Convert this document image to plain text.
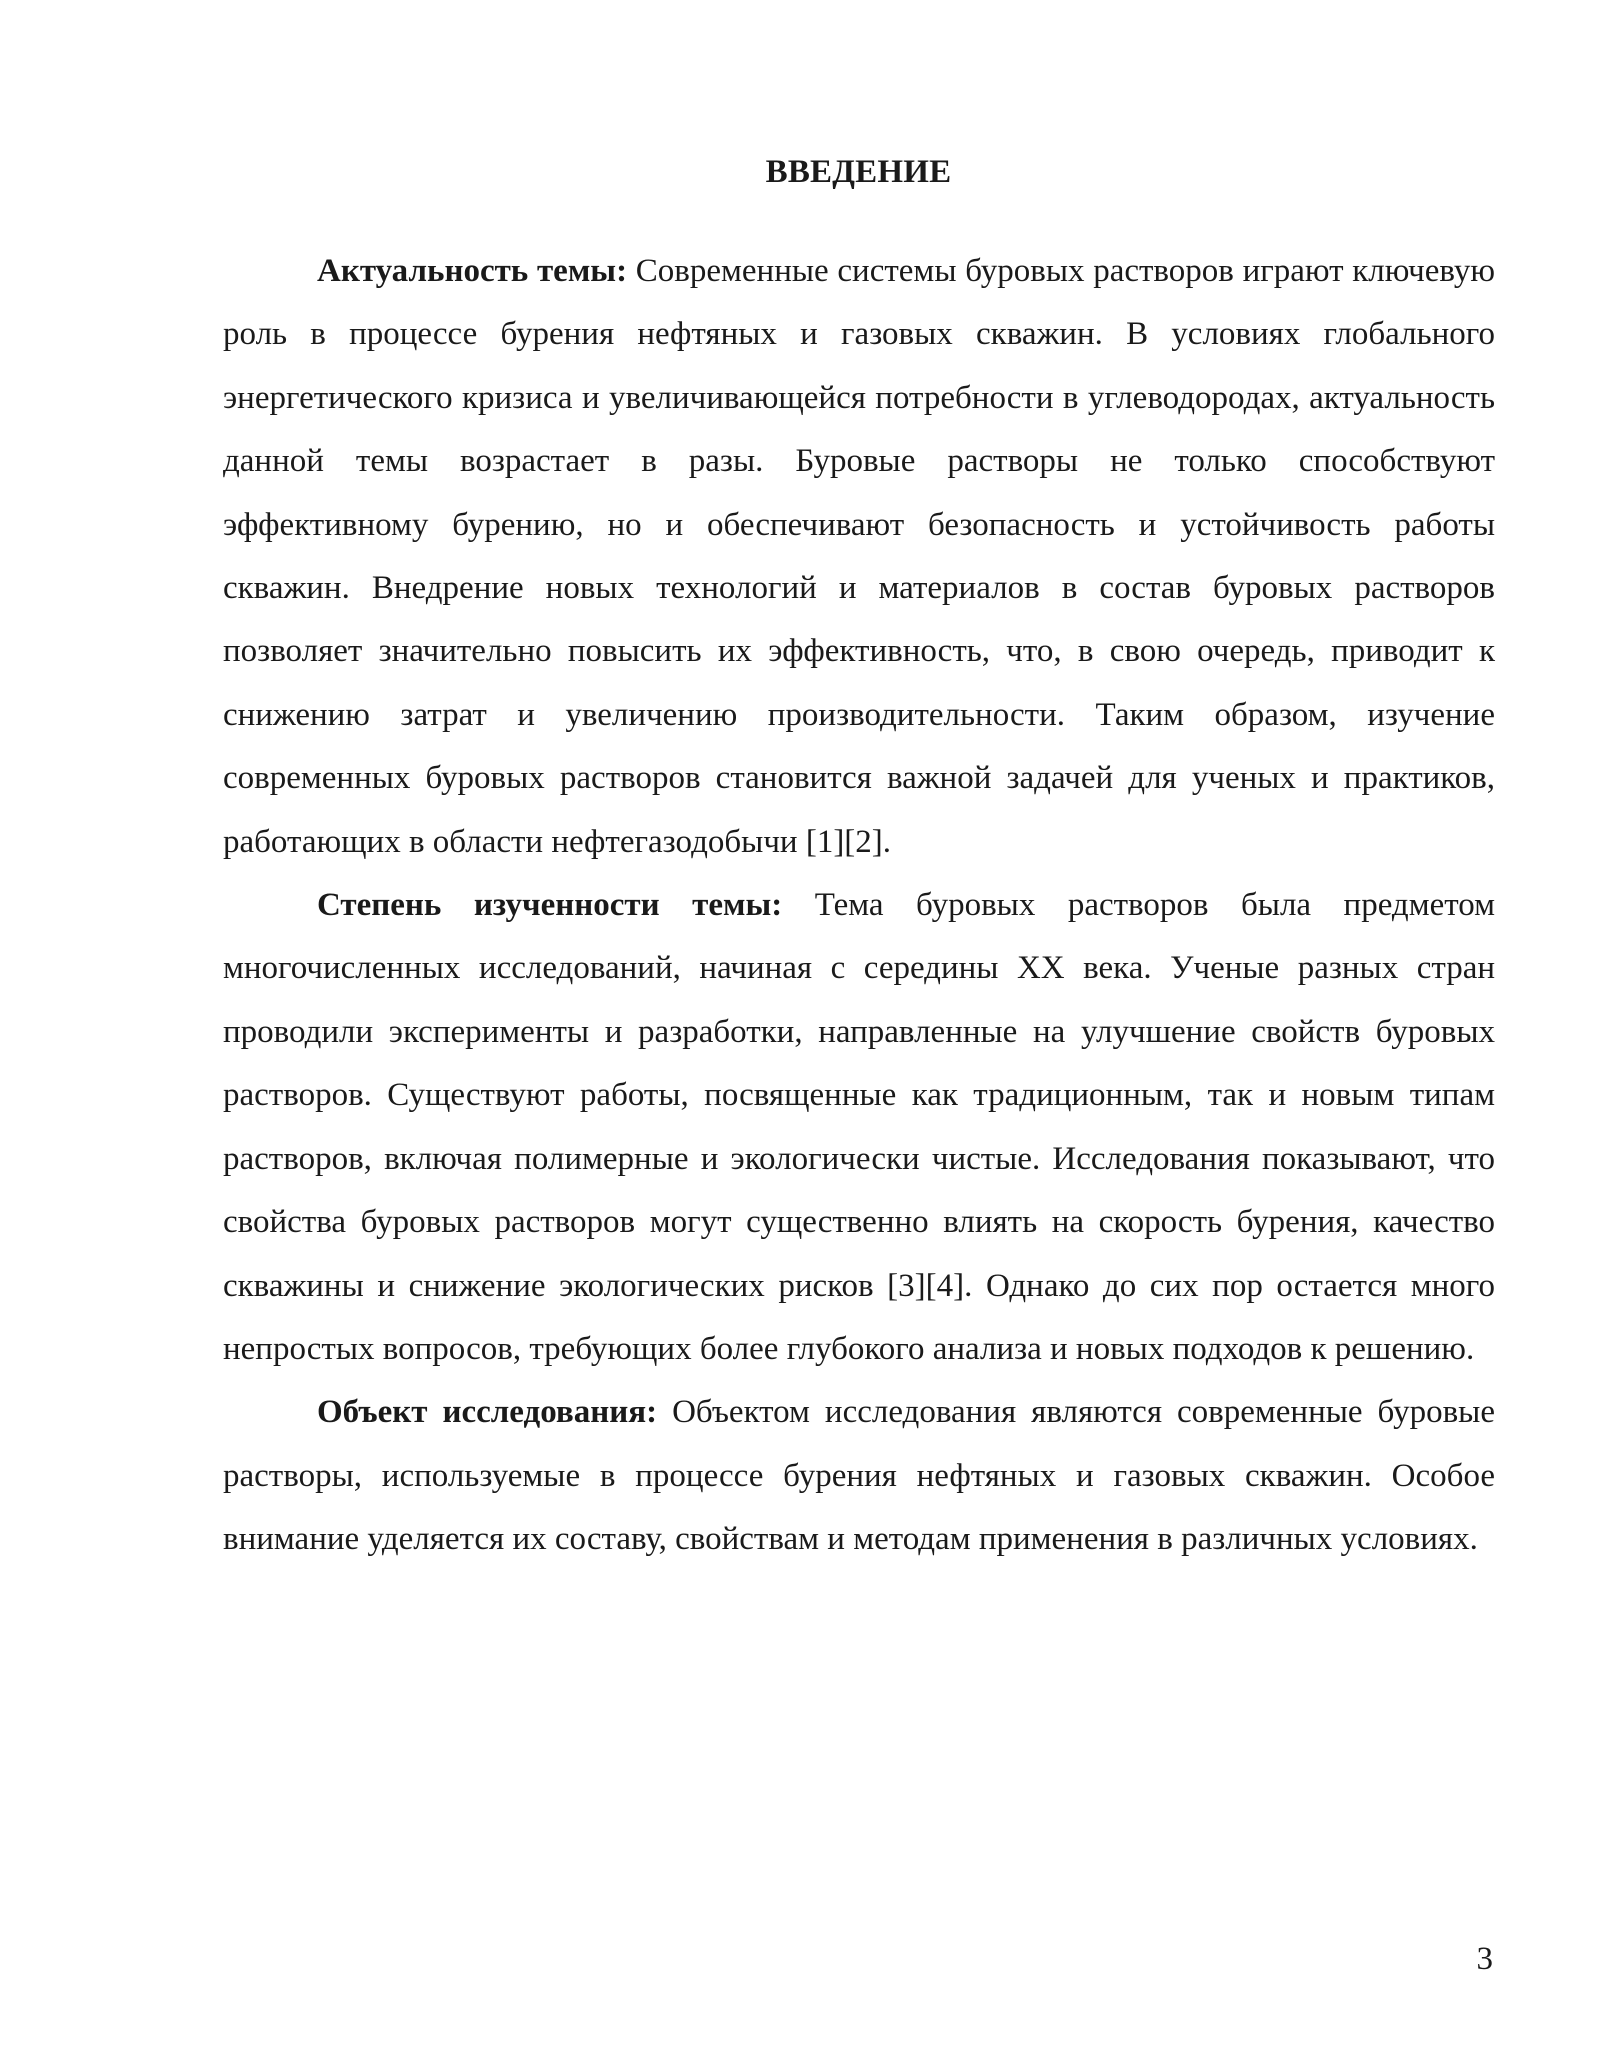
ВВЕДЕНИЕ

Актуальность темы: Современные системы буровых растворов играют ключевую роль в процессе бурения нефтяных и газовых скважин. В условиях глобального энергетического кризиса и увеличивающейся потребности в углеводородах, актуальность данной темы возрастает в разы. Буровые растворы не только способствуют эффективному бурению, но и обеспечивают безопасность и устойчивость работы скважин. Внедрение новых технологий и материалов в состав буровых растворов позволяет значительно повысить их эффективность, что, в свою очередь, приводит к снижению затрат и увеличению производительности. Таким образом, изучение современных буровых растворов становится важной задачей для ученых и практиков, работающих в области нефтегазодобычи [1][2].

Степень изученности темы: Тема буровых растворов была предметом многочисленных исследований, начиная с середины XX века. Ученые разных стран проводили эксперименты и разработки, направленные на улучшение свойств буровых растворов. Существуют работы, посвященные как традиционным, так и новым типам растворов, включая полимерные и экологически чистые. Исследования показывают, что свойства буровых растворов могут существенно влиять на скорость бурения, качество скважины и снижение экологических рисков [3][4]. Однако до сих пор остается много непростых вопросов, требующих более глубокого анализа и новых подходов к решению.

Объект исследования: Объектом исследования являются современные буровые растворы, используемые в процессе бурения нефтяных и газовых скважин. Особое внимание уделяется их составу, свойствам и методам применения в различных условиях.

3
